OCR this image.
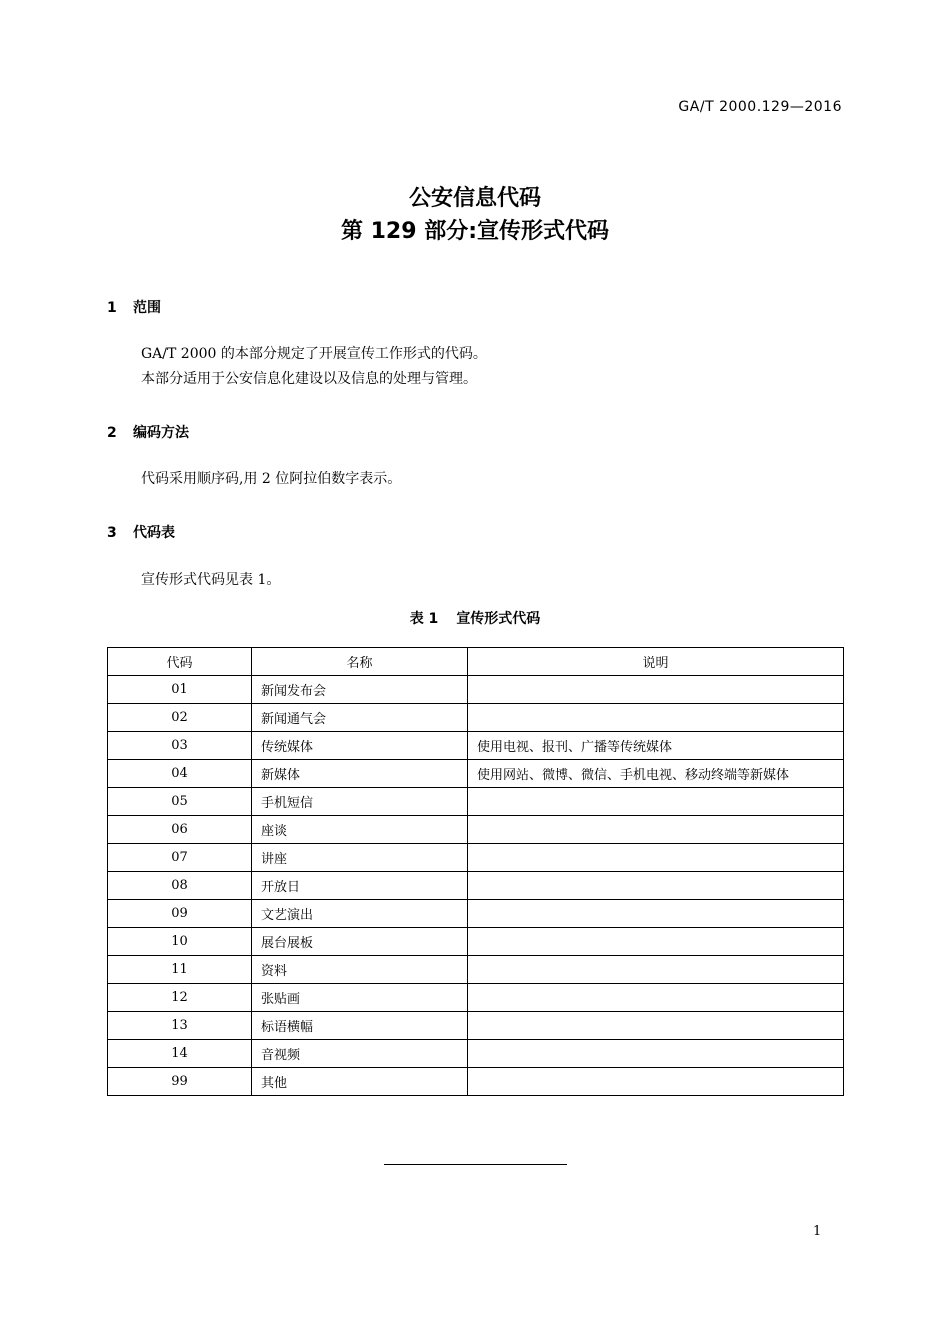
GA/T 2000.129—2016
公安信息代码
第 129 部分:宣传形式代码
1 范围
GA/T 2000 的本部分规定了开展宣传工作形式的代码。
本部分适用于公安信息化建设以及信息的处理与管理。
2 编码方法
代码采用顺序码,用 2 位阿拉伯数字表示。
3 代码表
宣传形式代码见表 1。
表 1 宣传形式代码
代码	名称	说明
01	新闻发布会	
02	新闻通气会	
03	传统媒体	使用电视、报刊、广播等传统媒体
04	新媒体	使用网站、微博、微信、手机电视、移动终端等新媒体
05	手机短信	
06	座谈	
07	讲座	
08	开放日	
09	文艺演出	
10	展台展板	
11	资料	
12	张贴画	
13	标语横幅	
14	音视频	
99	其他	
1
